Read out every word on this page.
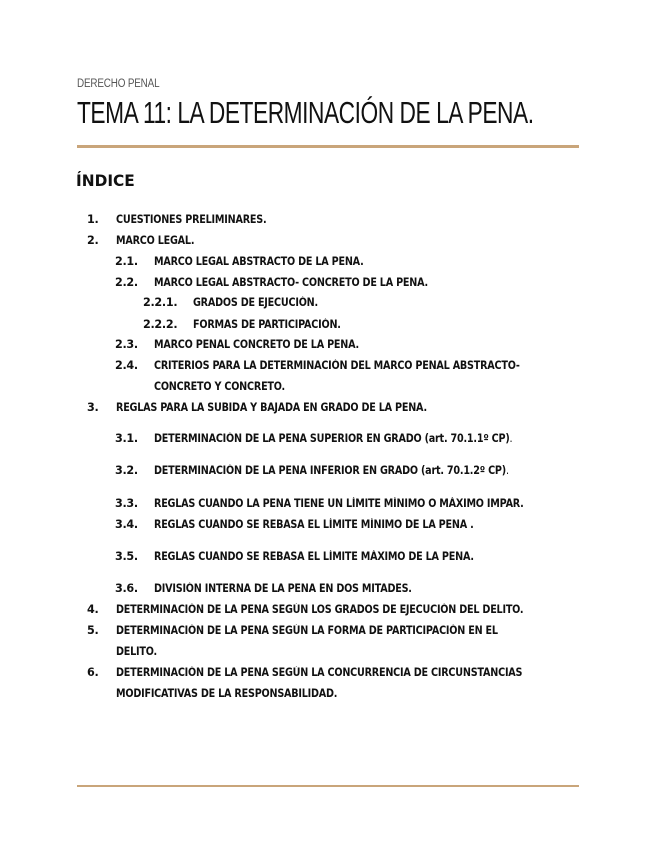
DERECHO PENAL
TEMA 11: LA DETERMINACIÓN DE LA PENA.
ÍNDICE
1. CUESTIONES PRELIMINARES.
2. MARCO LEGAL.
2.1. MARCO LEGAL ABSTRACTO DE LA PENA.
2.2. MARCO LEGAL ABSTRACTO- CONCRETO DE LA PENA.
2.2.1. GRADOS DE EJECUCIÓN.
2.2.2. FORMAS DE PARTICIPACIÓN.
2.3. MARCO PENAL CONCRETO DE LA PENA.
2.4. CRITERIOS PARA LA DETERMINACIÓN DEL MARCO PENAL ABSTRACTO-
CONCRETO Y CONCRETO.
3. REGLAS PARA LA SUBIDA Y BAJADA EN GRADO DE LA PENA.
3.1. DETERMINACIÓN DE LA PENA SUPERIOR EN GRADO (art. 70.1.1º CP).
3.2. DETERMINACIÓN DE LA PENA INFERIOR EN GRADO (art. 70.1.2º CP).
3.3. REGLAS CUANDO LA PENA TIENE UN LÍMITE MÍNIMO O MÁXIMO IMPAR.
3.4. REGLAS CUANDO SE REBASA EL LÍMITE MÍNIMO DE LA PENA .
3.5. REGLAS CUANDO SE REBASA EL LÍMITE MÁXIMO DE LA PENA.
3.6. DIVISIÓN INTERNA DE LA PENA EN DOS MITADES.
4. DETERMINACIÓN DE LA PENA SEGÚN LOS GRADOS DE EJECUCIÓN DEL DELITO.
5. DETERMINACIÓN DE LA PENA SEGÚN LA FORMA DE PARTICIPACIÓN EN EL
DELITO.
6. DETERMINACIÓN DE LA PENA SEGÚN LA CONCURRENCIA DE CIRCUNSTANCIAS
MODIFICATIVAS DE LA RESPONSABILIDAD.
